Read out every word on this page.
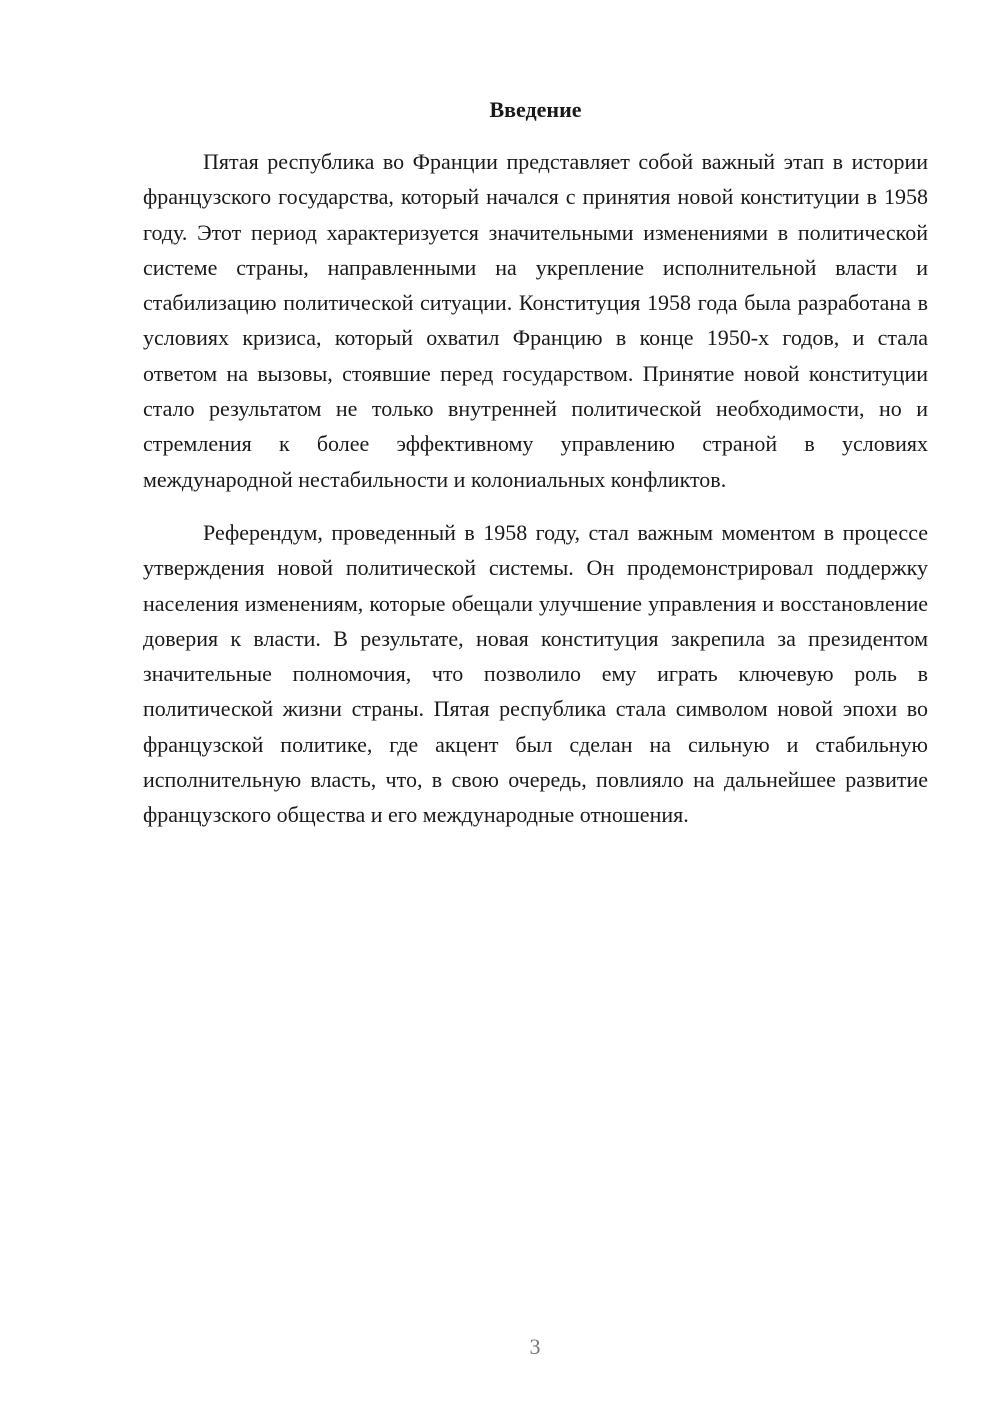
Введение

Пятая республика во Франции представляет собой важный этап в истории французского государства, который начался с принятия новой конституции в 1958 году. Этот период характеризуется значительными изменениями в политической системе страны, направленными на укрепление исполнительной власти и стабилизацию политической ситуации. Конституция 1958 года была разработана в условиях кризиса, который охватил Францию в конце 1950-х годов, и стала ответом на вызовы, стоявшие перед государством. Принятие новой конституции стало результатом не только внутренней политической необходимости, но и стремления к более эффективному управлению страной в условиях международной нестабильности и колониальных конфликтов.

Референдум, проведенный в 1958 году, стал важным моментом в процессе утверждения новой политической системы. Он продемонстрировал поддержку населения изменениям, которые обещали улучшение управления и восстановление доверия к власти. В результате, новая конституция закрепила за президентом значительные полномочия, что позволило ему играть ключевую роль в политической жизни страны. Пятая республика стала символом новой эпохи во французской политике, где акцент был сделан на сильную и стабильную исполнительную власть, что, в свою очередь, повлияло на дальнейшее развитие французского общества и его международные отношения.

3
